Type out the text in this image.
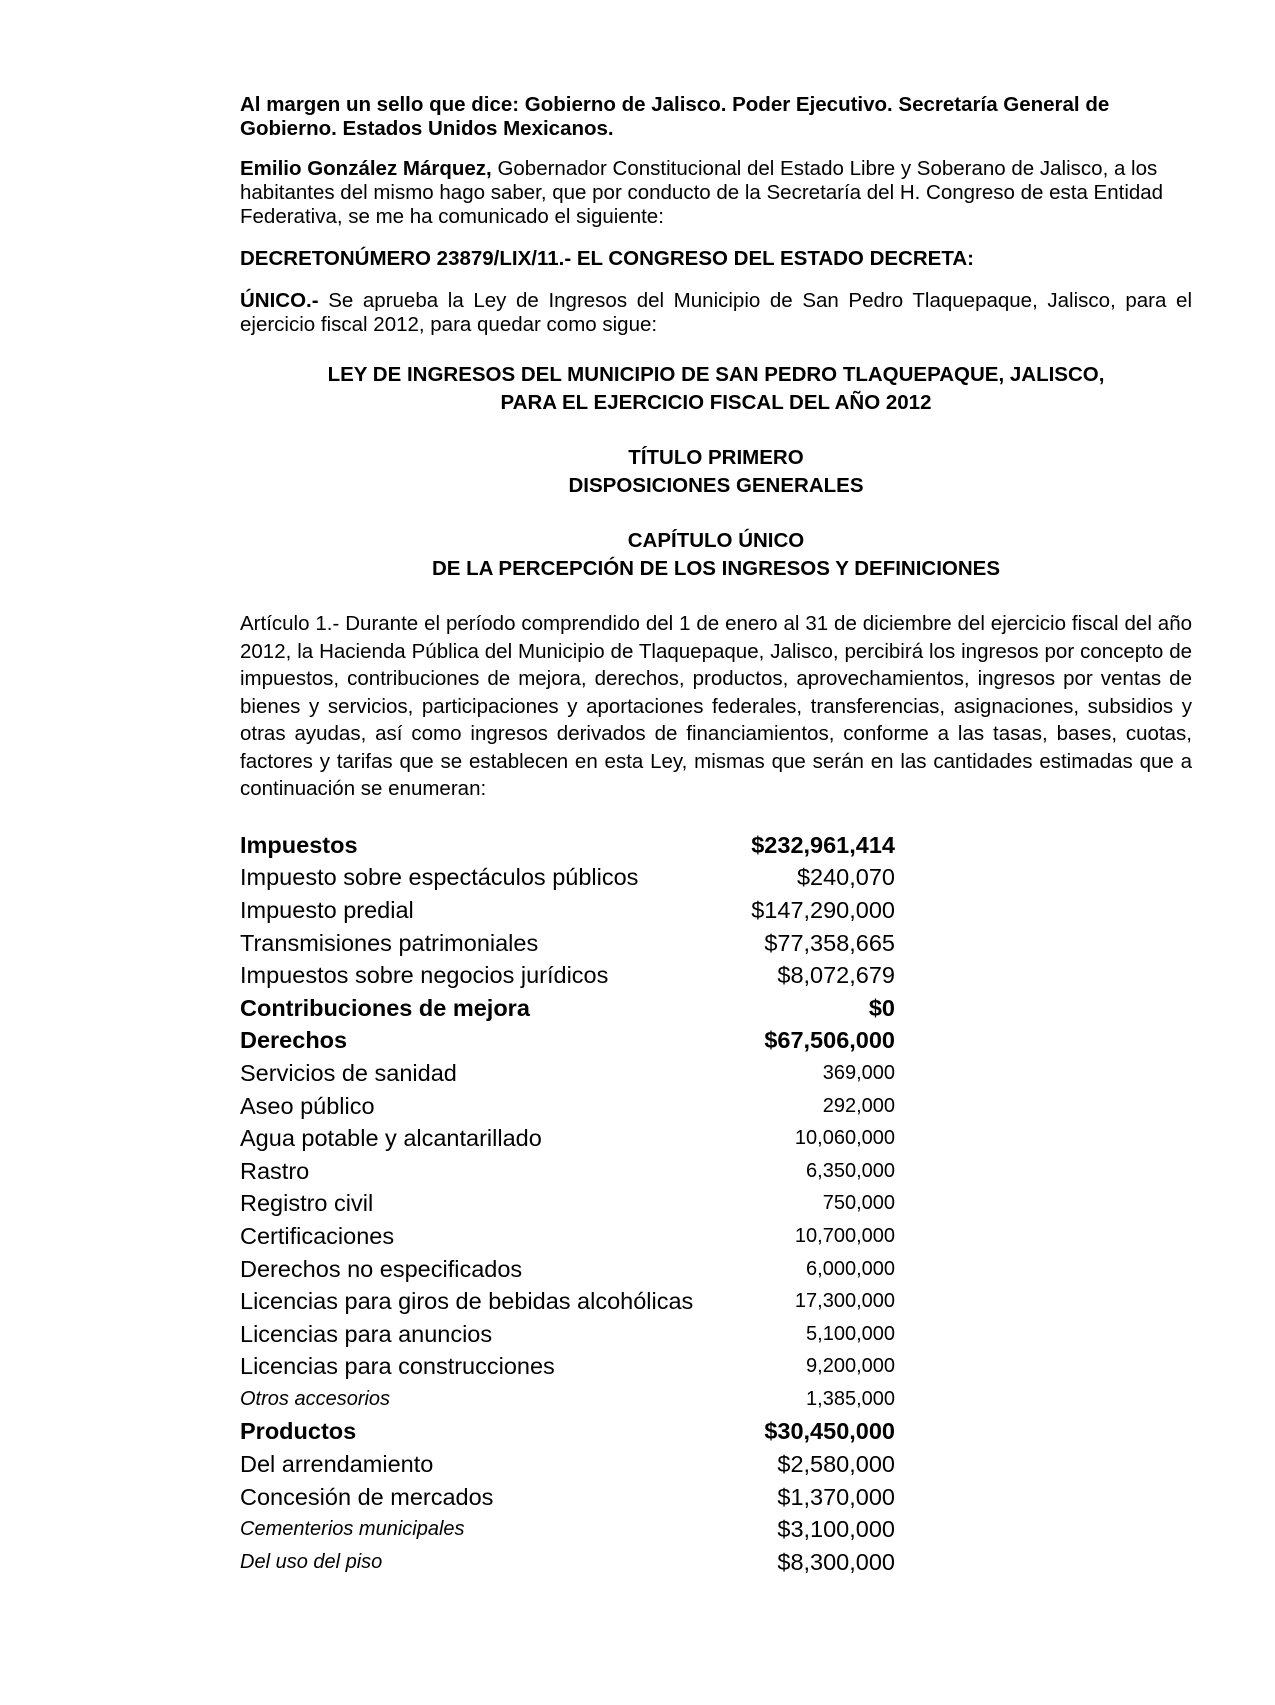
Al margen un sello que dice: Gobierno de Jalisco. Poder Ejecutivo. Secretaría General de Gobierno. Estados Unidos Mexicanos.

Emilio González Márquez, Gobernador Constitucional del Estado Libre y Soberano de Jalisco, a los habitantes del mismo hago saber, que por conducto de la Secretaría del H. Congreso de esta Entidad Federativa, se me ha comunicado el siguiente:

DECRETONÚMERO 23879/LIX/11.- EL CONGRESO DEL ESTADO DECRETA:

ÚNICO.- Se aprueba la Ley de Ingresos del Municipio de San Pedro Tlaquepaque, Jalisco, para el ejercicio fiscal 2012, para quedar como sigue:

LEY DE INGRESOS DEL MUNICIPIO DE SAN PEDRO TLAQUEPAQUE, JALISCO,

PARA EL EJERCICIO FISCAL DEL AÑO 2012

TÍTULO PRIMERO

DISPOSICIONES GENERALES

CAPÍTULO ÚNICO

DE LA PERCEPCIÓN DE LOS INGRESOS Y DEFINICIONES

Artículo 1.- Durante el período comprendido del 1 de enero al 31 de diciembre del ejercicio fiscal del año 2012, la Hacienda Pública del Municipio de Tlaquepaque, Jalisco, percibirá los ingresos por concepto de impuestos, contribuciones de mejora, derechos, productos, aprovechamientos, ingresos por ventas de bienes y servicios, participaciones y aportaciones federales, transferencias, asignaciones, subsidios y otras ayudas, así como ingresos derivados de financiamientos, conforme a las tasas, bases, cuotas, factores y tarifas que se establecen en esta Ley, mismas que serán en las cantidades estimadas que a continuación se enumeran:

Impuestos	$232,961,414
Impuesto sobre espectáculos públicos	$240,070
Impuesto predial	$147,290,000
Transmisiones patrimoniales	$77,358,665
Impuestos sobre negocios jurídicos	$8,072,679
Contribuciones de mejora	$0
Derechos	$67,506,000
Servicios de sanidad	369,000
Aseo público	292,000
Agua potable y alcantarillado	10,060,000
Rastro	6,350,000
Registro civil	750,000
Certificaciones	10,700,000
Derechos no especificados	6,000,000
Licencias para giros de bebidas alcohólicas	17,300,000
Licencias para anuncios	5,100,000
Licencias para construcciones	9,200,000
Otros accesorios	1,385,000
Productos	$30,450,000
Del arrendamiento	$2,580,000
Concesión de mercados	$1,370,000
Cementerios municipales	$3,100,000
Del uso del piso	$8,300,000
